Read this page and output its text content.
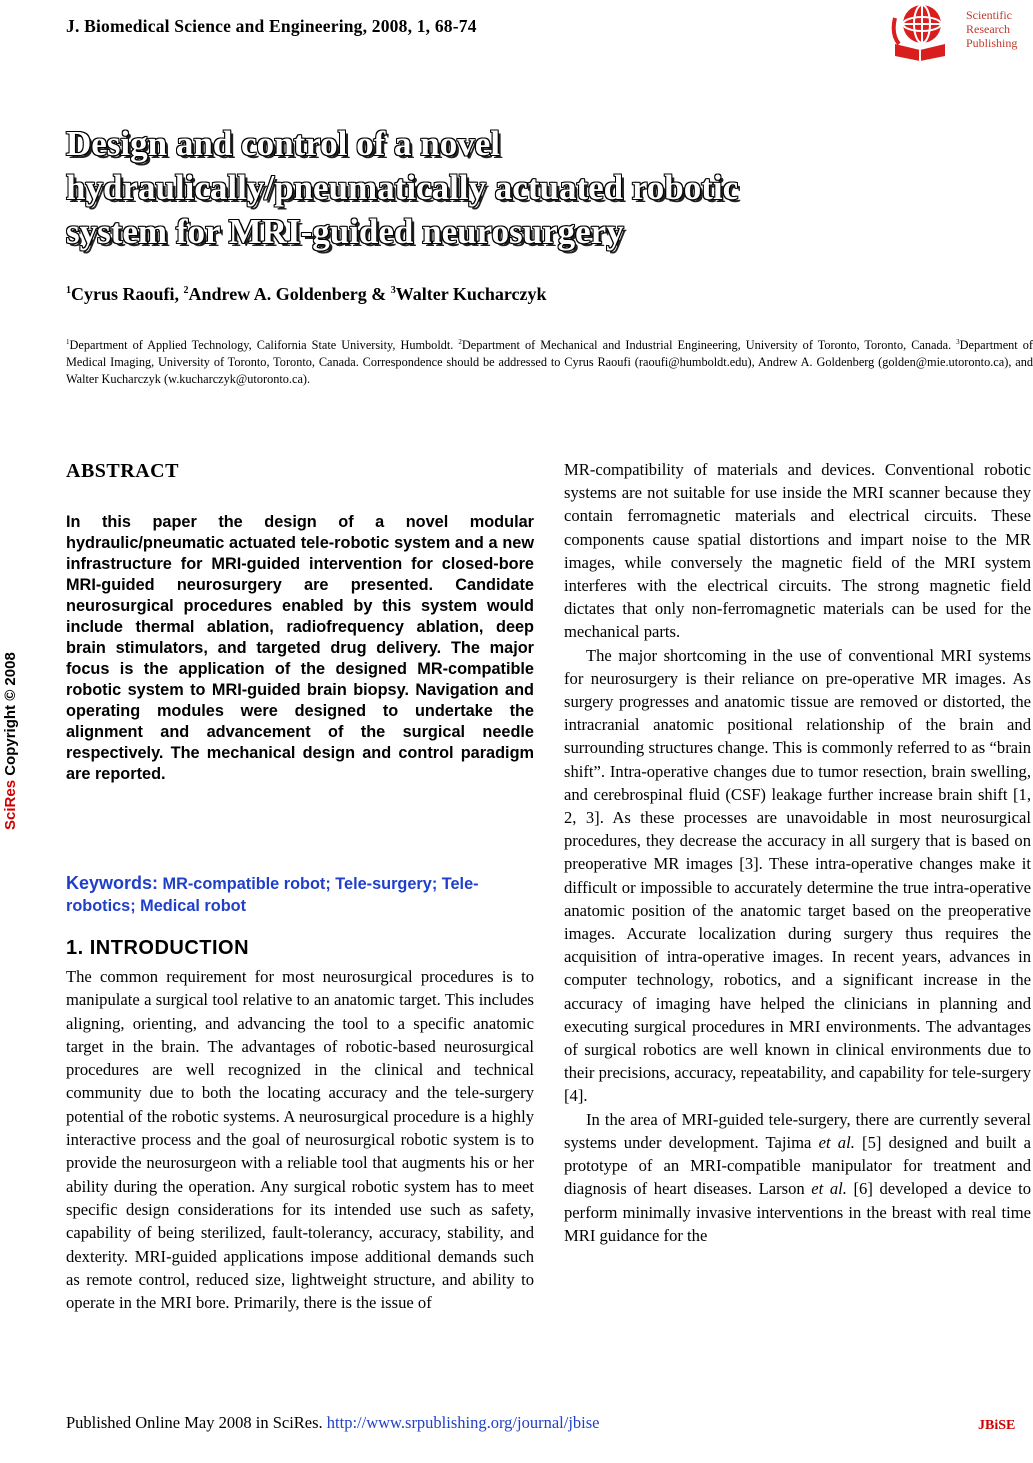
J. Biomedical Science and Engineering, 2008, 1, 68-74
Scientific
Research
Publishing
Design and control of a novel
hydraulically/pneumatically actuated robotic
system for MRI-guided neurosurgery
$^1$Cyrus Raoufi, $^2$Andrew A. Goldenberg & $^3$Walter Kucharczyk
$^1$Department of Applied Technology, California State University, Humboldt. $^2$Department of Mechanical and Industrial Engineering, University of Toronto, Toronto, Canada. $^3$Department of Medical Imaging, University of Toronto, Toronto, Canada. Correspondence should be addressed to Cyrus Raoufi (raoufi@humboldt.edu), Andrew A. Goldenberg (golden@mie.utoronto.ca), and Walter Kucharczyk (w.kucharczyk@utoronto.ca).
SciRes Copyright © 2008
ABSTRACT

In this paper the design of a novel modular hydraulic/pneumatic actuated tele-robotic system and a new infrastructure for MRI-guided intervention for closed-bore MRI-guided neurosurgery are presented. Candidate neurosurgical procedures enabled by this system would include thermal ablation, radiofrequency ablation, deep brain stimulators, and targeted drug delivery. The major focus is the application of the designed MR-compatible robotic system to MRI-guided brain biopsy. Navigation and operating modules were designed to undertake the alignment and advancement of the surgical needle respectively. The mechanical design and control paradigm are reported.

Keywords: MR-compatible robot; Tele-surgery; Tele-robotics; Medical robot
1. INTRODUCTION

The common requirement for most neurosurgical procedures is to manipulate a surgical tool relative to an anatomic target. This includes aligning, orienting, and advancing the tool to a specific anatomic target in the brain. The advantages of robotic-based neurosurgical procedures are well recognized in the clinical and technical community due to both the locating accuracy and the tele-surgery potential of the robotic systems. A neurosurgical procedure is a highly interactive process and the goal of neurosurgical robotic system is to provide the neurosurgeon with a reliable tool that augments his or her ability during the operation. Any surgical robotic system has to meet specific design considerations for its intended use such as safety, capability of being sterilized, fault-tolerancy, accuracy, stability, and dexterity. MRI-guided applications impose additional demands such as remote control, reduced size, lightweight structure, and ability to operate in the MRI bore. Primarily, there is the issue of

MR-compatibility of materials and devices. Conventional robotic systems are not suitable for use inside the MRI scanner because they contain ferromagnetic materials and electrical circuits. These components cause spatial distortions and impart noise to the MR images, while conversely the magnetic field of the MRI system interferes with the electrical circuits. The strong magnetic field dictates that only non-ferromagnetic materials can be used for the mechanical parts.

The major shortcoming in the use of conventional MRI systems for neurosurgery is their reliance on pre-operative MR images. As surgery progresses and anatomic tissue are removed or distorted, the intracranial anatomic positional relationship of the brain and surrounding structures change. This is commonly referred to as “brain shift”. Intra-operative changes due to tumor resection, brain swelling, and cerebrospinal fluid (CSF) leakage further increase brain shift [1, 2, 3]. As these processes are unavoidable in most neurosurgical procedures, they decrease the accuracy in all surgery that is based on preoperative MR images [3]. These intra-operative changes make it difficult or impossible to accurately determine the true intra-operative anatomic position of the anatomic target based on the preoperative images. Accurate localization during surgery thus requires the acquisition of intra-operative images. In recent years, advances in computer technology, robotics, and a significant increase in the accuracy of imaging have helped the clinicians in planning and executing surgical procedures in MRI environments. The advantages of surgical robotics are well known in clinical environments due to their precisions, accuracy, repeatability, and capability for tele-surgery [4].

In the area of MRI-guided tele-surgery, there are currently several systems under development. Tajima et al. [5] designed and built a prototype of an MRI-compatible manipulator for treatment and diagnosis of heart diseases. Larson et al. [6] developed a device to perform minimally invasive interventions in the breast with real time MRI guidance for the

Published Online May 2008 in SciRes. http://www.srpublishing.org/journal/jbise	JBiSE
